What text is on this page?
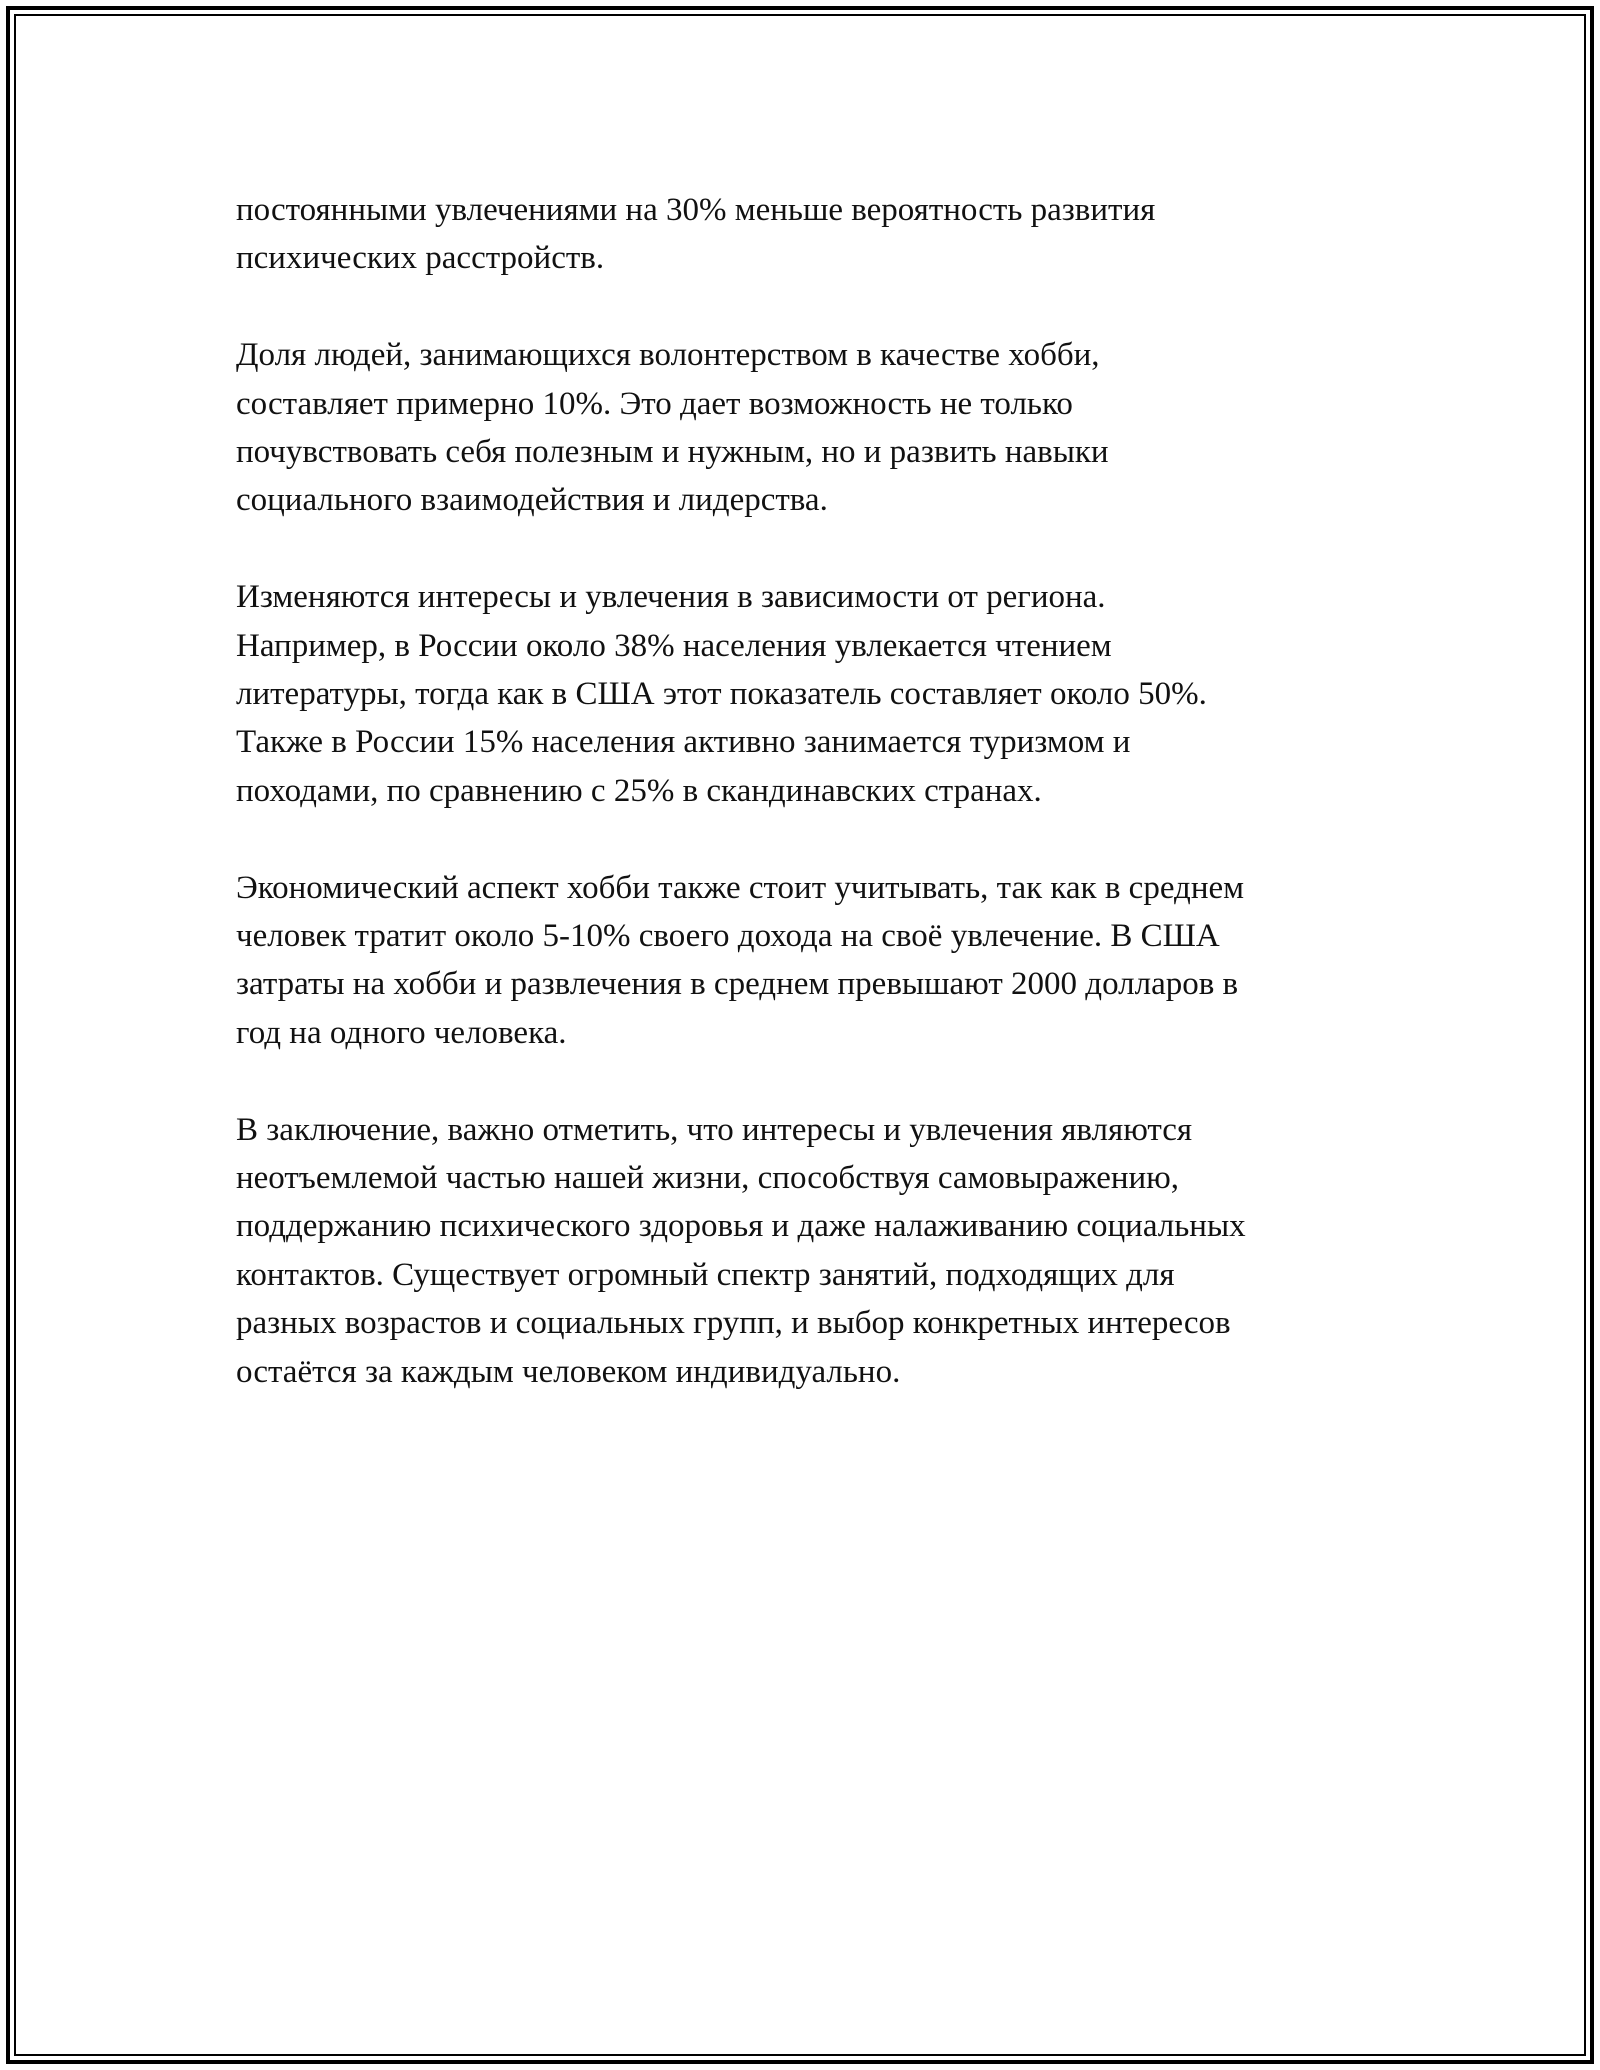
постоянными увлечениями на 30% меньше вероятность развития
психических расстройств.

Доля людей, занимающихся волонтерством в качестве хобби,
составляет примерно 10%. Это дает возможность не только
почувствовать себя полезным и нужным, но и развить навыки
социального взаимодействия и лидерства.

Изменяются интересы и увлечения в зависимости от региона.
Например, в России около 38% населения увлекается чтением
литературы, тогда как в США этот показатель составляет около 50%.
Также в России 15% населения активно занимается туризмом и
походами, по сравнению с 25% в скандинавских странах.

Экономический аспект хобби также стоит учитывать, так как в среднем
человек тратит около 5-10% своего дохода на своё увлечение. В США
затраты на хобби и развлечения в среднем превышают 2000 долларов в
год на одного человека.

В заключение, важно отметить, что интересы и увлечения являются
неотъемлемой частью нашей жизни, способствуя самовыражению,
поддержанию психического здоровья и даже налаживанию социальных
контактов. Существует огромный спектр занятий, подходящих для
разных возрастов и социальных групп, и выбор конкретных интересов
остаётся за каждым человеком индивидуально.
